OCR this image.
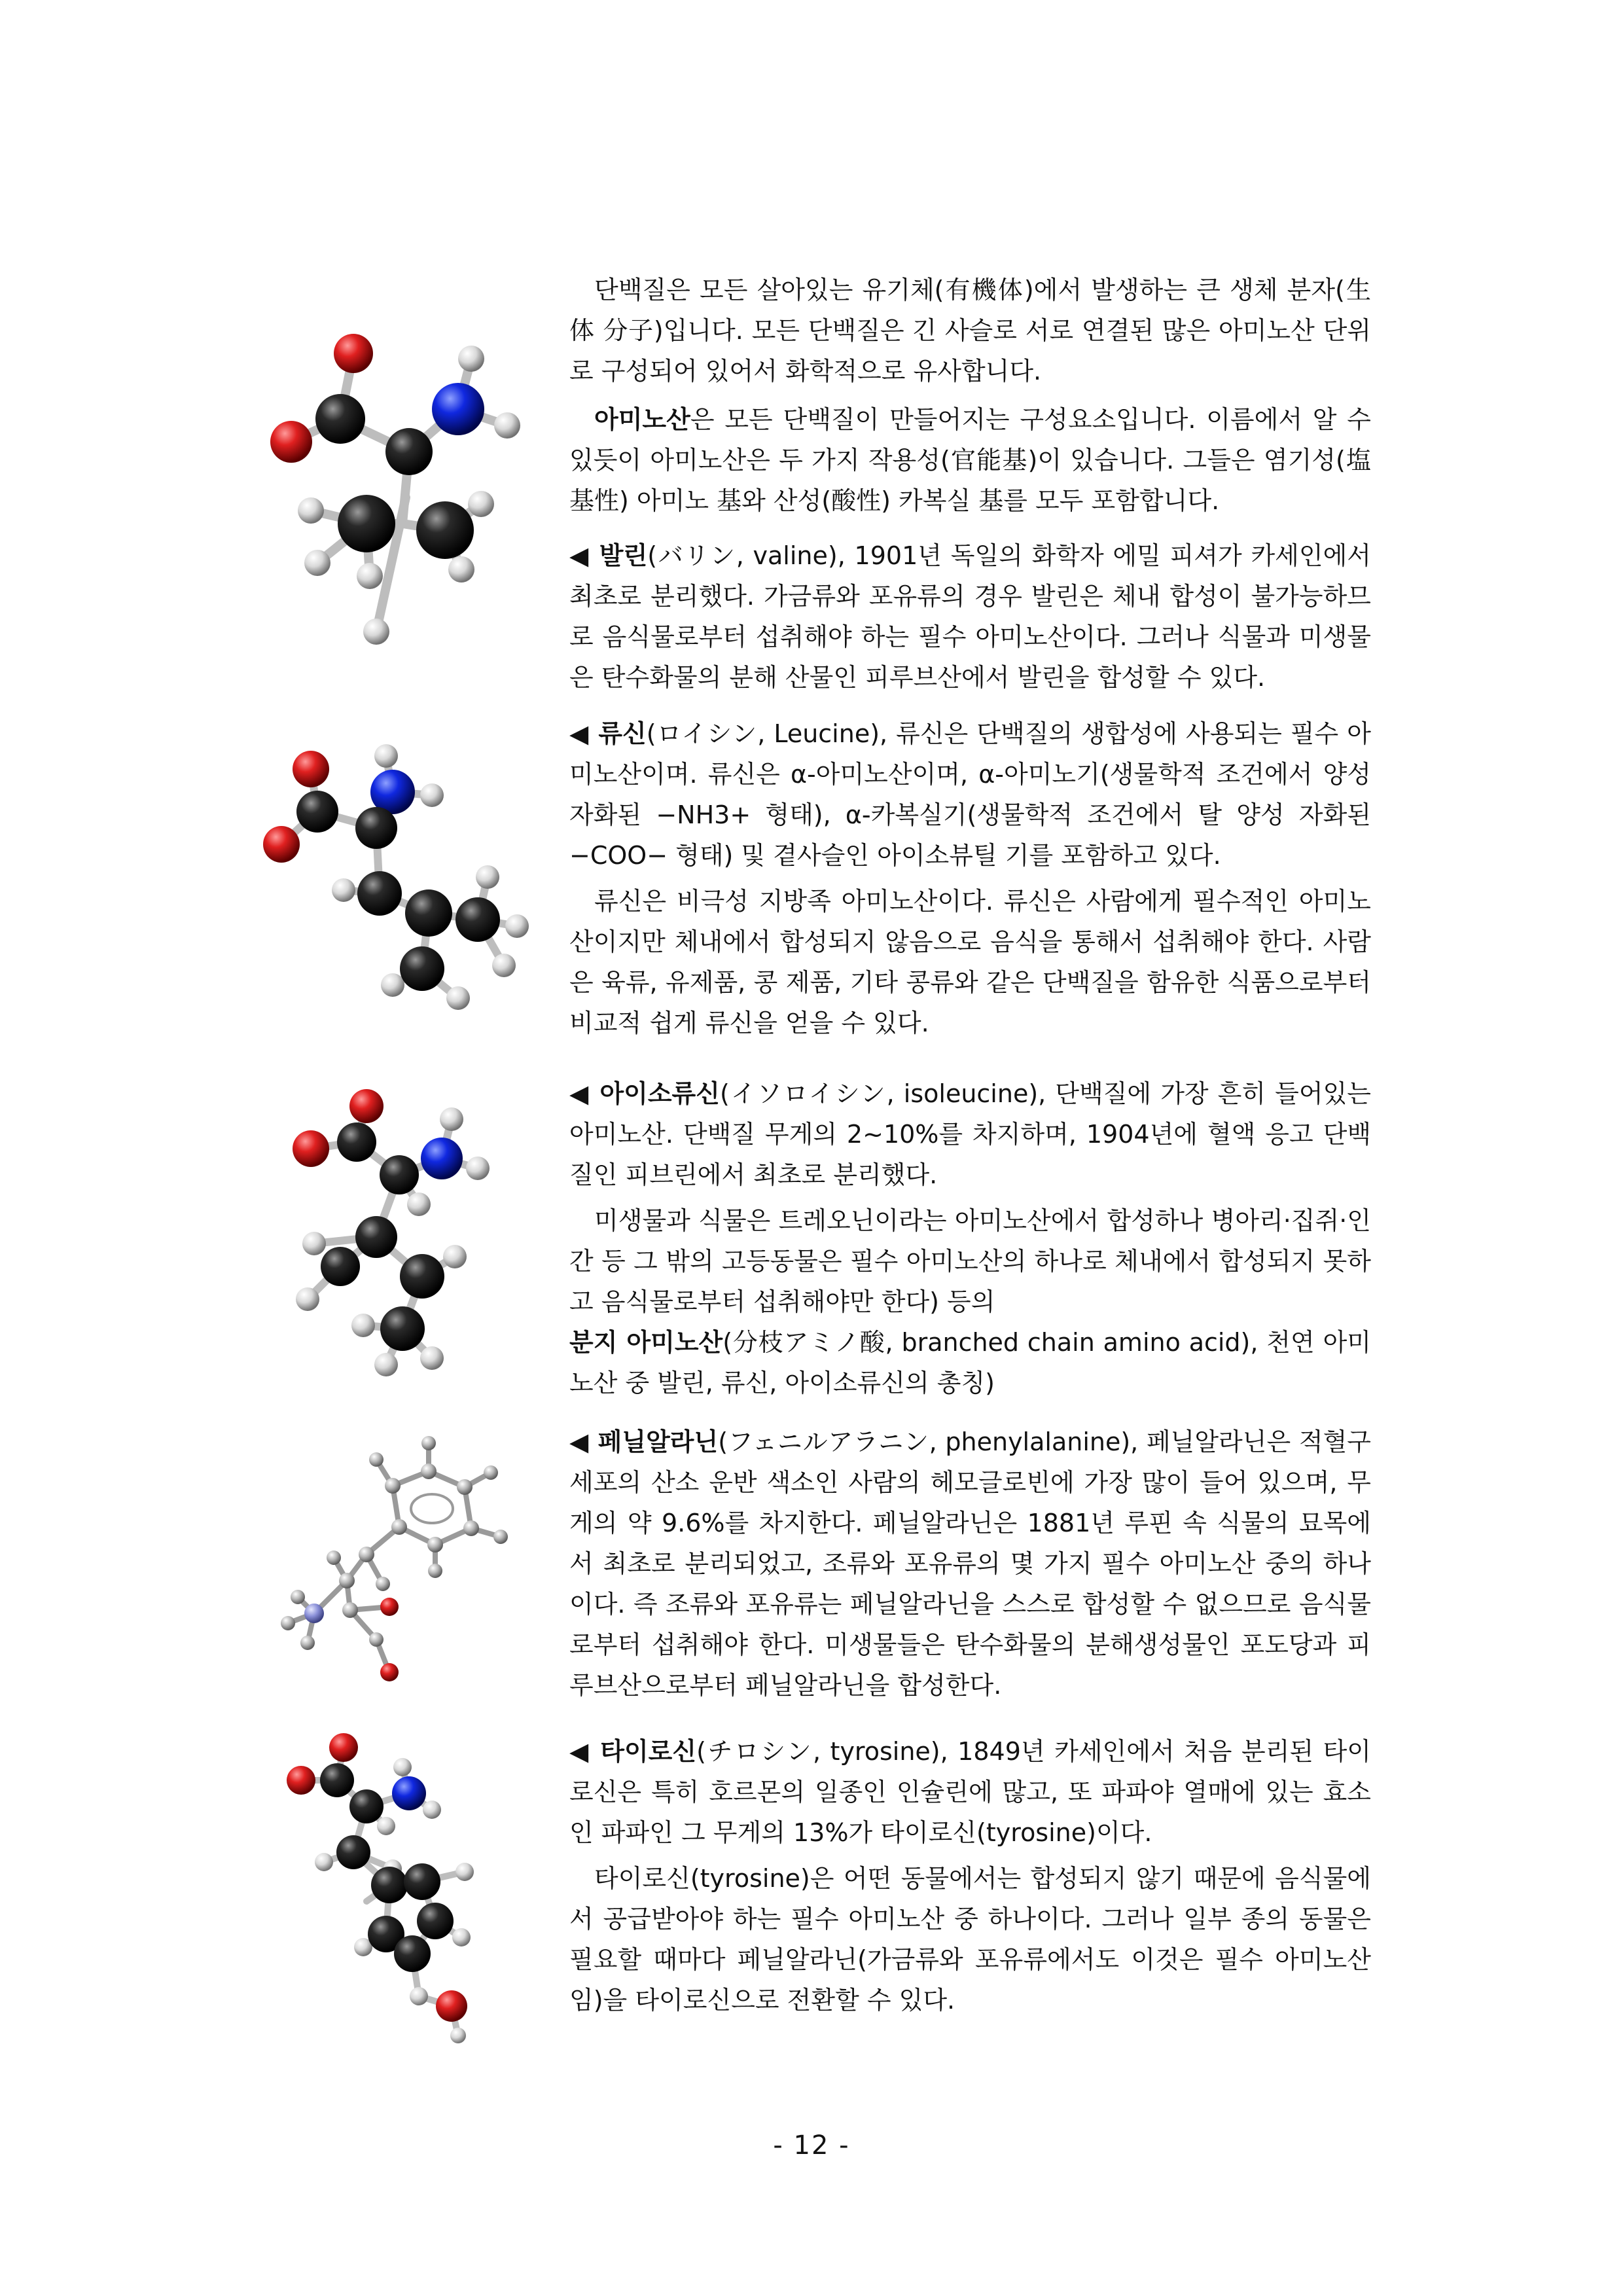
단백질은 모든 살아있는 유기체(有機体)에서 발생하는 큰 생체 분자(生体 分子)입니다. 모든 단백질은 긴 사슬로 서로 연결된 많은 아미노산 단위로 구성되어 있어서 화학적으로 유사합니다.

아미노산은 모든 단백질이 만들어지는 구성요소입니다. 이름에서 알 수 있듯이 아미노산은 두 가지 작용성(官能基)이 있습니다. 그들은 염기성(塩基性) 아미노 基와 산성(酸性) 카복실 基를 모두 포함합니다.

◀ 발린(バリン, valine), 1901년 독일의 화학자 에밀 피셔가 카세인에서 최초로 분리했다. 가금류와 포유류의 경우 발린은 체내 합성이 불가능하므로 음식물로부터 섭취해야 하는 필수 아미노산이다. 그러나 식물과 미생물은 탄수화물의 분해 산물인 피루브산에서 발린을 합성할 수 있다.

◀ 류신(ロイシン, Leucine), 류신은 단백질의 생합성에 사용되는 필수 아미노산이며. 류신은 α-아미노산이며, α-아미노기(생물학적 조건에서 양성 자화된 −NH3+ 형태), α-카복실기(생물학적 조건에서 탈 양성 자화된 −COO− 형태) 및 곁사슬인 아이소뷰틸 기를 포함하고 있다.

류신은 비극성 지방족 아미노산이다. 류신은 사람에게 필수적인 아미노산이지만 체내에서 합성되지 않음으로 음식을 통해서 섭취해야 한다. 사람은 육류, 유제품, 콩 제품, 기타 콩류와 같은 단백질을 함유한 식품으로부터 비교적 쉽게 류신을 얻을 수 있다.

◀ 아이소류신(イソロイシン, isoleucine), 단백질에 가장 흔히 들어있는 아미노산. 단백질 무게의 2~10%를 차지하며, 1904년에 혈액 응고 단백질인 피브린에서 최초로 분리했다.

미생물과 식물은 트레오닌이라는 아미노산에서 합성하나 병아리·집쥐·인간 등 그 밖의 고등동물은 필수 아미노산의 하나로 체내에서 합성되지 못하고 음식물로부터 섭취해야만 한다) 등의

분지 아미노산(分枝アミノ酸, branched chain amino acid), 천연 아미노산 중 발린, 류신, 아이소류신의 총칭)

◀ 페닐알라닌(フェニルアラニン, phenylalanine), 페닐알라닌은 적혈구 세포의 산소 운반 색소인 사람의 헤모글로빈에 가장 많이 들어 있으며, 무게의 약 9.6%를 차지한다. 페닐알라닌은 1881년 루핀 속 식물의 묘목에서 최초로 분리되었고, 조류와 포유류의 몇 가지 필수 아미노산 중의 하나이다. 즉 조류와 포유류는 페닐알라닌을 스스로 합성할 수 없으므로 음식물로부터 섭취해야 한다. 미생물들은 탄수화물의 분해생성물인 포도당과 피루브산으로부터 페닐알라닌을 합성한다.

◀ 타이로신(チロシン, tyrosine), 1849년 카세인에서 처음 분리된 타이로신은 특히 호르몬의 일종인 인슐린에 많고, 또 파파야 열매에 있는 효소인 파파인 그 무게의 13%가 타이로신(tyrosine)이다.

타이로신(tyrosine)은 어떤 동물에서는 합성되지 않기 때문에 음식물에서 공급받아야 하는 필수 아미노산 중 하나이다. 그러나 일부 종의 동물은 필요할 때마다 페닐알라닌(가금류와 포유류에서도 이것은 필수 아미노산임)을 타이로신으로 전환할 수 있다.

- 12 -
